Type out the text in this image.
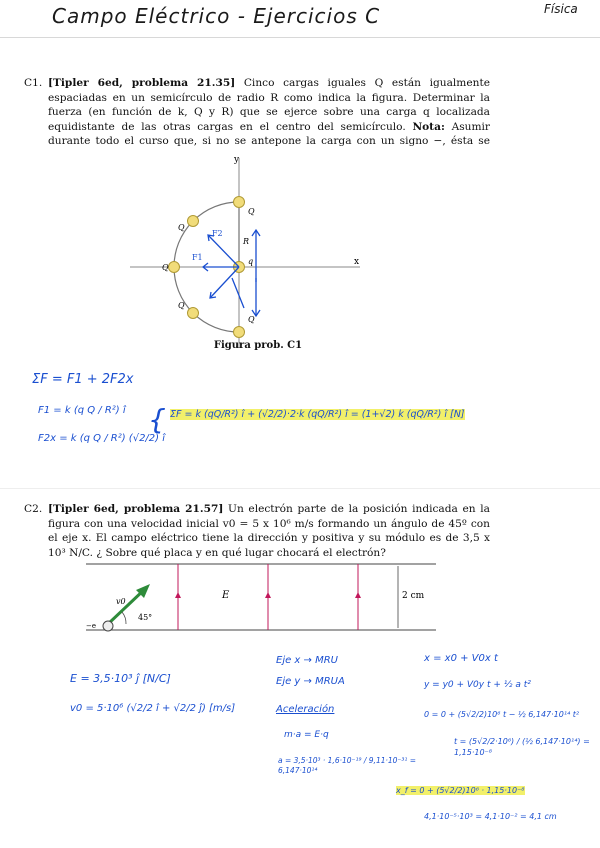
Campo Eléctrico - Ejercicios C	Física
C1. [Tipler 6ed, problema 21.35] Cinco cargas iguales Q están igualmente espaciadas en un semicírculo de radio R como indica la figura. Determinar la fuerza (en función de k, Q y R) que se ejerce sobre una carga q localizada equidistante de las otras cargas en el centro del semicírculo. Nota: Asumir durante todo el curso que, si no se antepone la carga con un signo −, ésta se
y
x
R
Q
Q
Q
Q
Q
q
F2
F1
Figura prob. C1
ΣF = F1 + 2F2x
F1 = k (q Q / R²) î
F2x = k (q Q / R²) (√2/2) î
{ ΣF = k (qQ/R²) î + (√2/2)·2·k (qQ/R²) î = (1+√2) k (qQ/R²) î [N]
C2. [Tipler 6ed, problema 21.57] Un electrón parte de la posición indicada en la figura con una velocidad inicial v0 = 5 x 10⁶ m/s formando un ángulo de 45º con el eje x. El campo eléctrico tiene la dirección y positiva y su módulo es de 3,5 x 10³ N/C. ¿ Sobre qué placa y en qué lugar chocará el electrón?
E	2 cm
v0
45°
−e
E = 3,5·10³ ĵ [N/C]
v0 = 5·10⁶ (√2/2 î + √2/2 ĵ) [m/s]
Eje x → MRU
Eje y → MRUA
Aceleración
m·a = E·q
a = 3,5·10³ · 1,6·10⁻¹⁹ / 9,11·10⁻³¹ = 6,147·10¹⁴
x = x0 + V0x t
y = y0 + V0y t + ½ a t²
0 = 0 + (5√2/2)10⁶ t − ½ 6,147·10¹⁴ t²
t = (5√2/2·10⁶) / (½ 6,147·10¹⁴) = 1,15·10⁻⁸
x_f = 0 + (5√2/2)10⁶ · 1,15·10⁻⁸
4,1·10⁻⁵·10³ = 4,1·10⁻² = 4,1 cm
